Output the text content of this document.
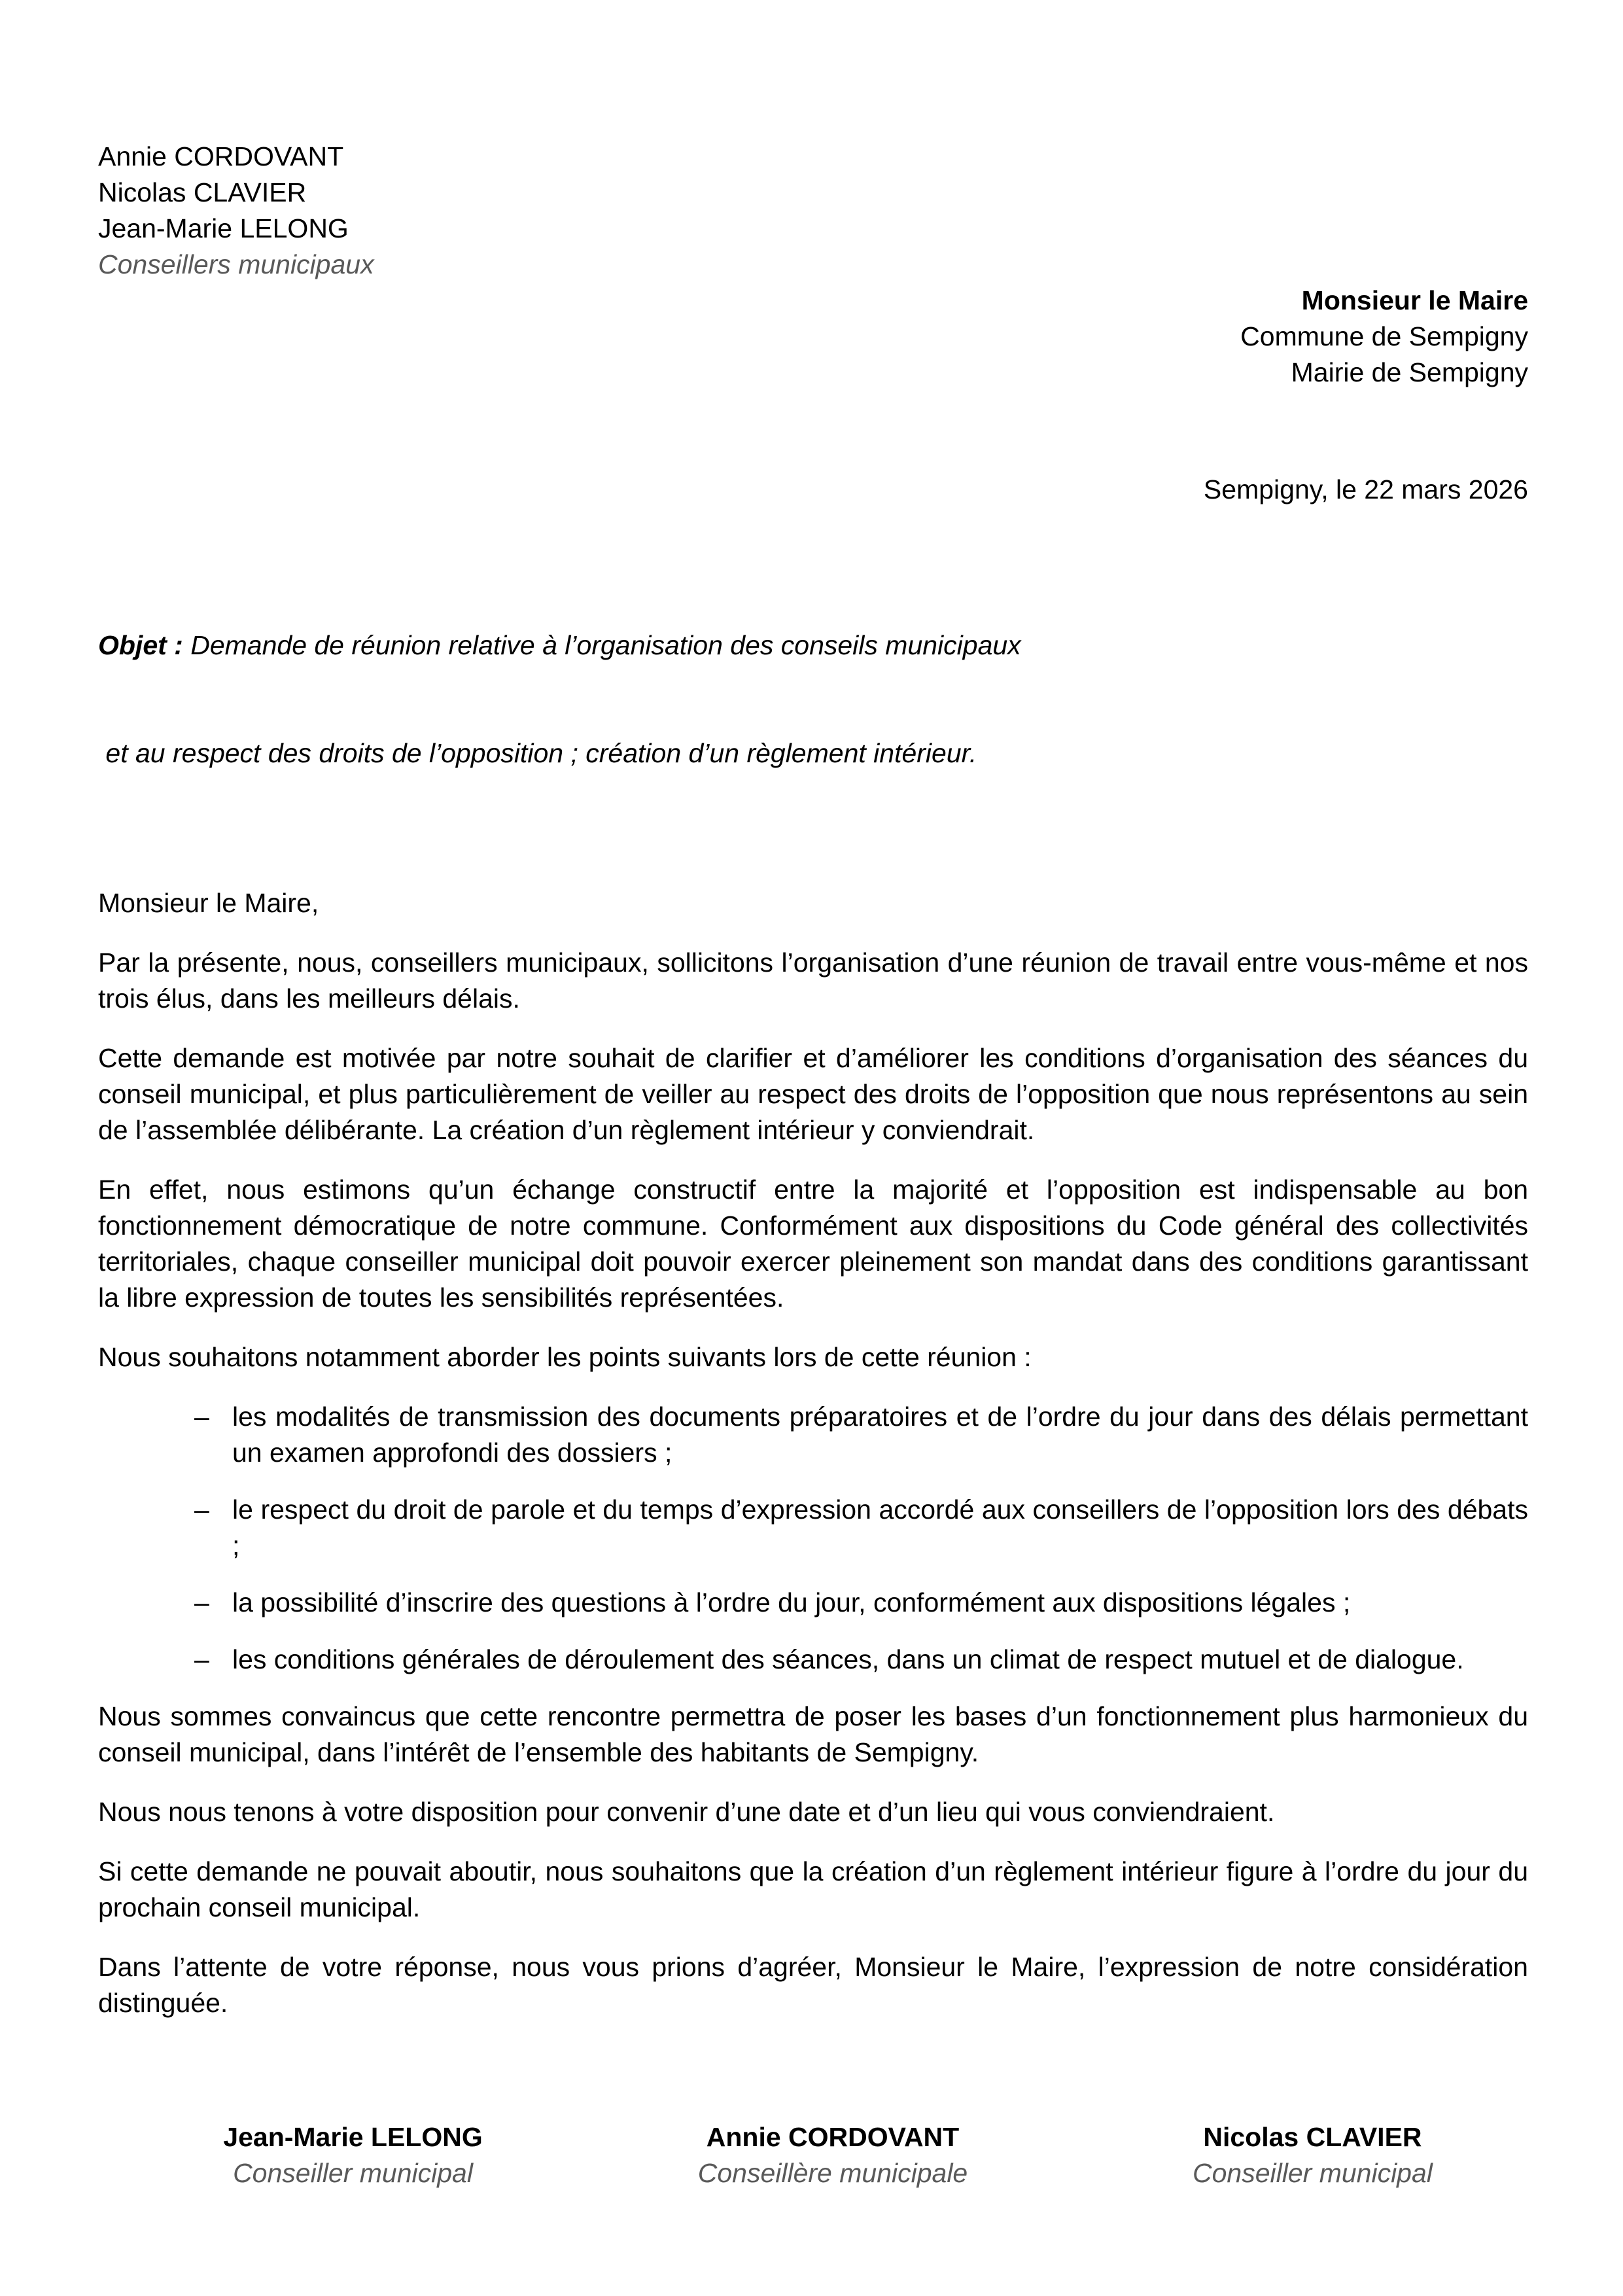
Annie CORDOVANT
Nicolas CLAVIER
Jean-Marie LELONG
Conseillers municipaux
Monsieur le Maire
Commune de Sempigny
Mairie de Sempigny
Sempigny, le 22 mars 2026

Objet : Demande de réunion relative à l’organisation des conseils municipaux

et au respect des droits de l’opposition ; création d’un règlement intérieur.

Monsieur le Maire,

Par la présente, nous, conseillers municipaux, sollicitons l’organisation d’une réunion de travail entre vous-même et nos trois élus, dans les meilleurs délais.

Cette demande est motivée par notre souhait de clarifier et d’améliorer les conditions d’organisation des séances du conseil municipal, et plus particulièrement de veiller au respect des droits de l’opposition que nous représentons au sein de l’assemblée délibérante. La création d’un règlement intérieur y conviendrait.

En effet, nous estimons qu’un échange constructif entre la majorité et l’opposition est indispensable au bon fonctionnement démocratique de notre commune. Conformément aux dispositions du Code général des collectivités territoriales, chaque conseiller municipal doit pouvoir exercer pleinement son mandat dans des conditions garantissant la libre expression de toutes les sensibilités représentées.

Nous souhaitons notamment aborder les points suivants lors de cette réunion :

– les modalités de transmission des documents préparatoires et de l’ordre du jour dans des délais permettant un examen approfondi des dossiers ;
– le respect du droit de parole et du temps d’expression accordé aux conseillers de l’opposition lors des débats ;
– la possibilité d’inscrire des questions à l’ordre du jour, conformément aux dispositions légales ;
– les conditions générales de déroulement des séances, dans un climat de respect mutuel et de dialogue.

Nous sommes convaincus que cette rencontre permettra de poser les bases d’un fonctionnement plus harmonieux du conseil municipal, dans l’intérêt de l’ensemble des habitants de Sempigny.

Nous nous tenons à votre disposition pour convenir d’une date et d’un lieu qui vous conviendraient.

Si cette demande ne pouvait aboutir, nous souhaitons que la création d’un règlement intérieur figure à l’ordre du jour du prochain conseil municipal.

Dans l’attente de votre réponse, nous vous prions d’agréer, Monsieur le Maire, l’expression de notre considération distinguée.

Jean-Marie LELONG
Conseiller municipal
Annie CORDOVANT
Conseillère municipale
Nicolas CLAVIER
Conseiller municipal
